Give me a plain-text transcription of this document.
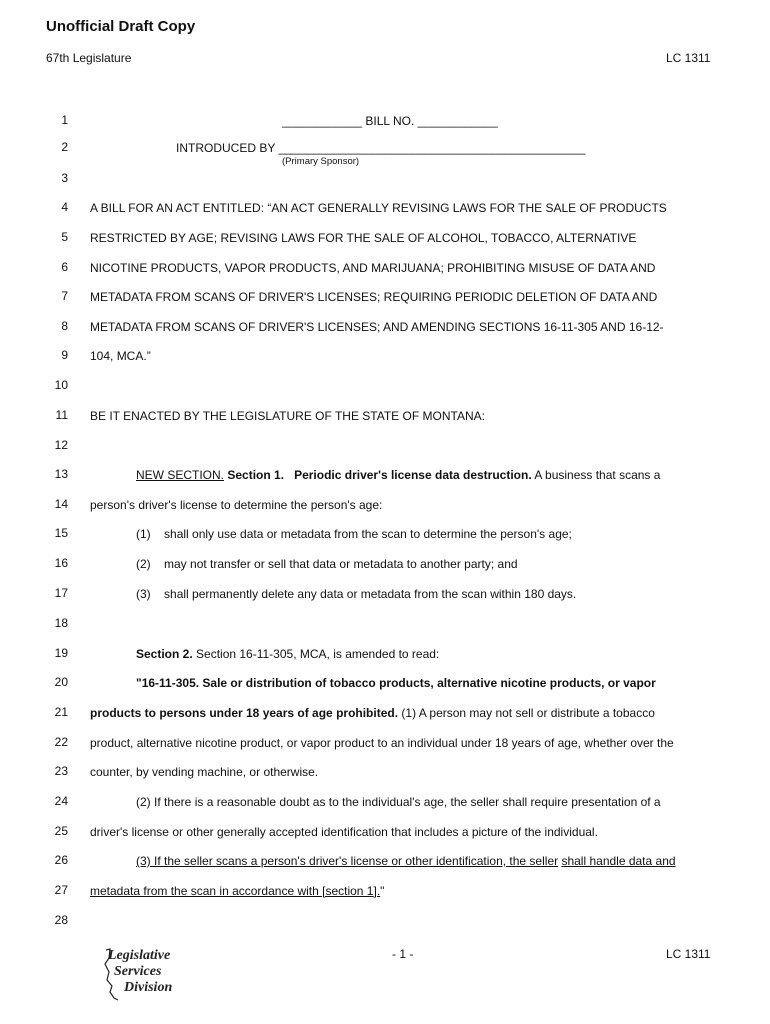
Unofficial Draft Copy
67th Legislature	LC 1311
1
2
3
4
5
6
7
8
9
10
11
12
13
14
15
16
17
18
19
20
21
22
23
24
25
26
27
28
____________ BILL NO. ____________
INTRODUCED BY ______________________________________________
(Primary Sponsor)
A BILL FOR AN ACT ENTITLED: “AN ACT GENERALLY REVISING LAWS FOR THE SALE OF PRODUCTS
RESTRICTED BY AGE; REVISING LAWS FOR THE SALE OF ALCOHOL, TOBACCO, ALTERNATIVE
NICOTINE PRODUCTS, VAPOR PRODUCTS, AND MARIJUANA; PROHIBITING MISUSE OF DATA AND
METADATA FROM SCANS OF DRIVER'S LICENSES; REQUIRING PERIODIC DELETION OF DATA AND
METADATA FROM SCANS OF DRIVER'S LICENSES; AND AMENDING SECTIONS 16-11-305 AND 16-12-
104, MCA.”
BE IT ENACTED BY THE LEGISLATURE OF THE STATE OF MONTANA:
NEW SECTION. Section 1. Periodic driver's license data destruction. A business that scans a
person's driver's license to determine the person's age:
(1) shall only use data or metadata from the scan to determine the person's age;
(2) may not transfer or sell that data or metadata to another party; and
(3) shall permanently delete any data or metadata from the scan within 180 days.
Section 2. Section 16-11-305, MCA, is amended to read:
"16-11-305. Sale or distribution of tobacco products, alternative nicotine products, or vapor
products to persons under 18 years of age prohibited. (1) A person may not sell or distribute a tobacco
product, alternative nicotine product, or vapor product to an individual under 18 years of age, whether over the
counter, by vending machine, or otherwise.
(2) If there is a reasonable doubt as to the individual's age, the seller shall require presentation of a
driver's license or other generally accepted identification that includes a picture of the individual.
(3) If the seller scans a person's driver's license or other identification, the seller shall handle data and
metadata from the scan in accordance with [section 1]."
Legislative
Services
Division
- 1 -	LC 1311
